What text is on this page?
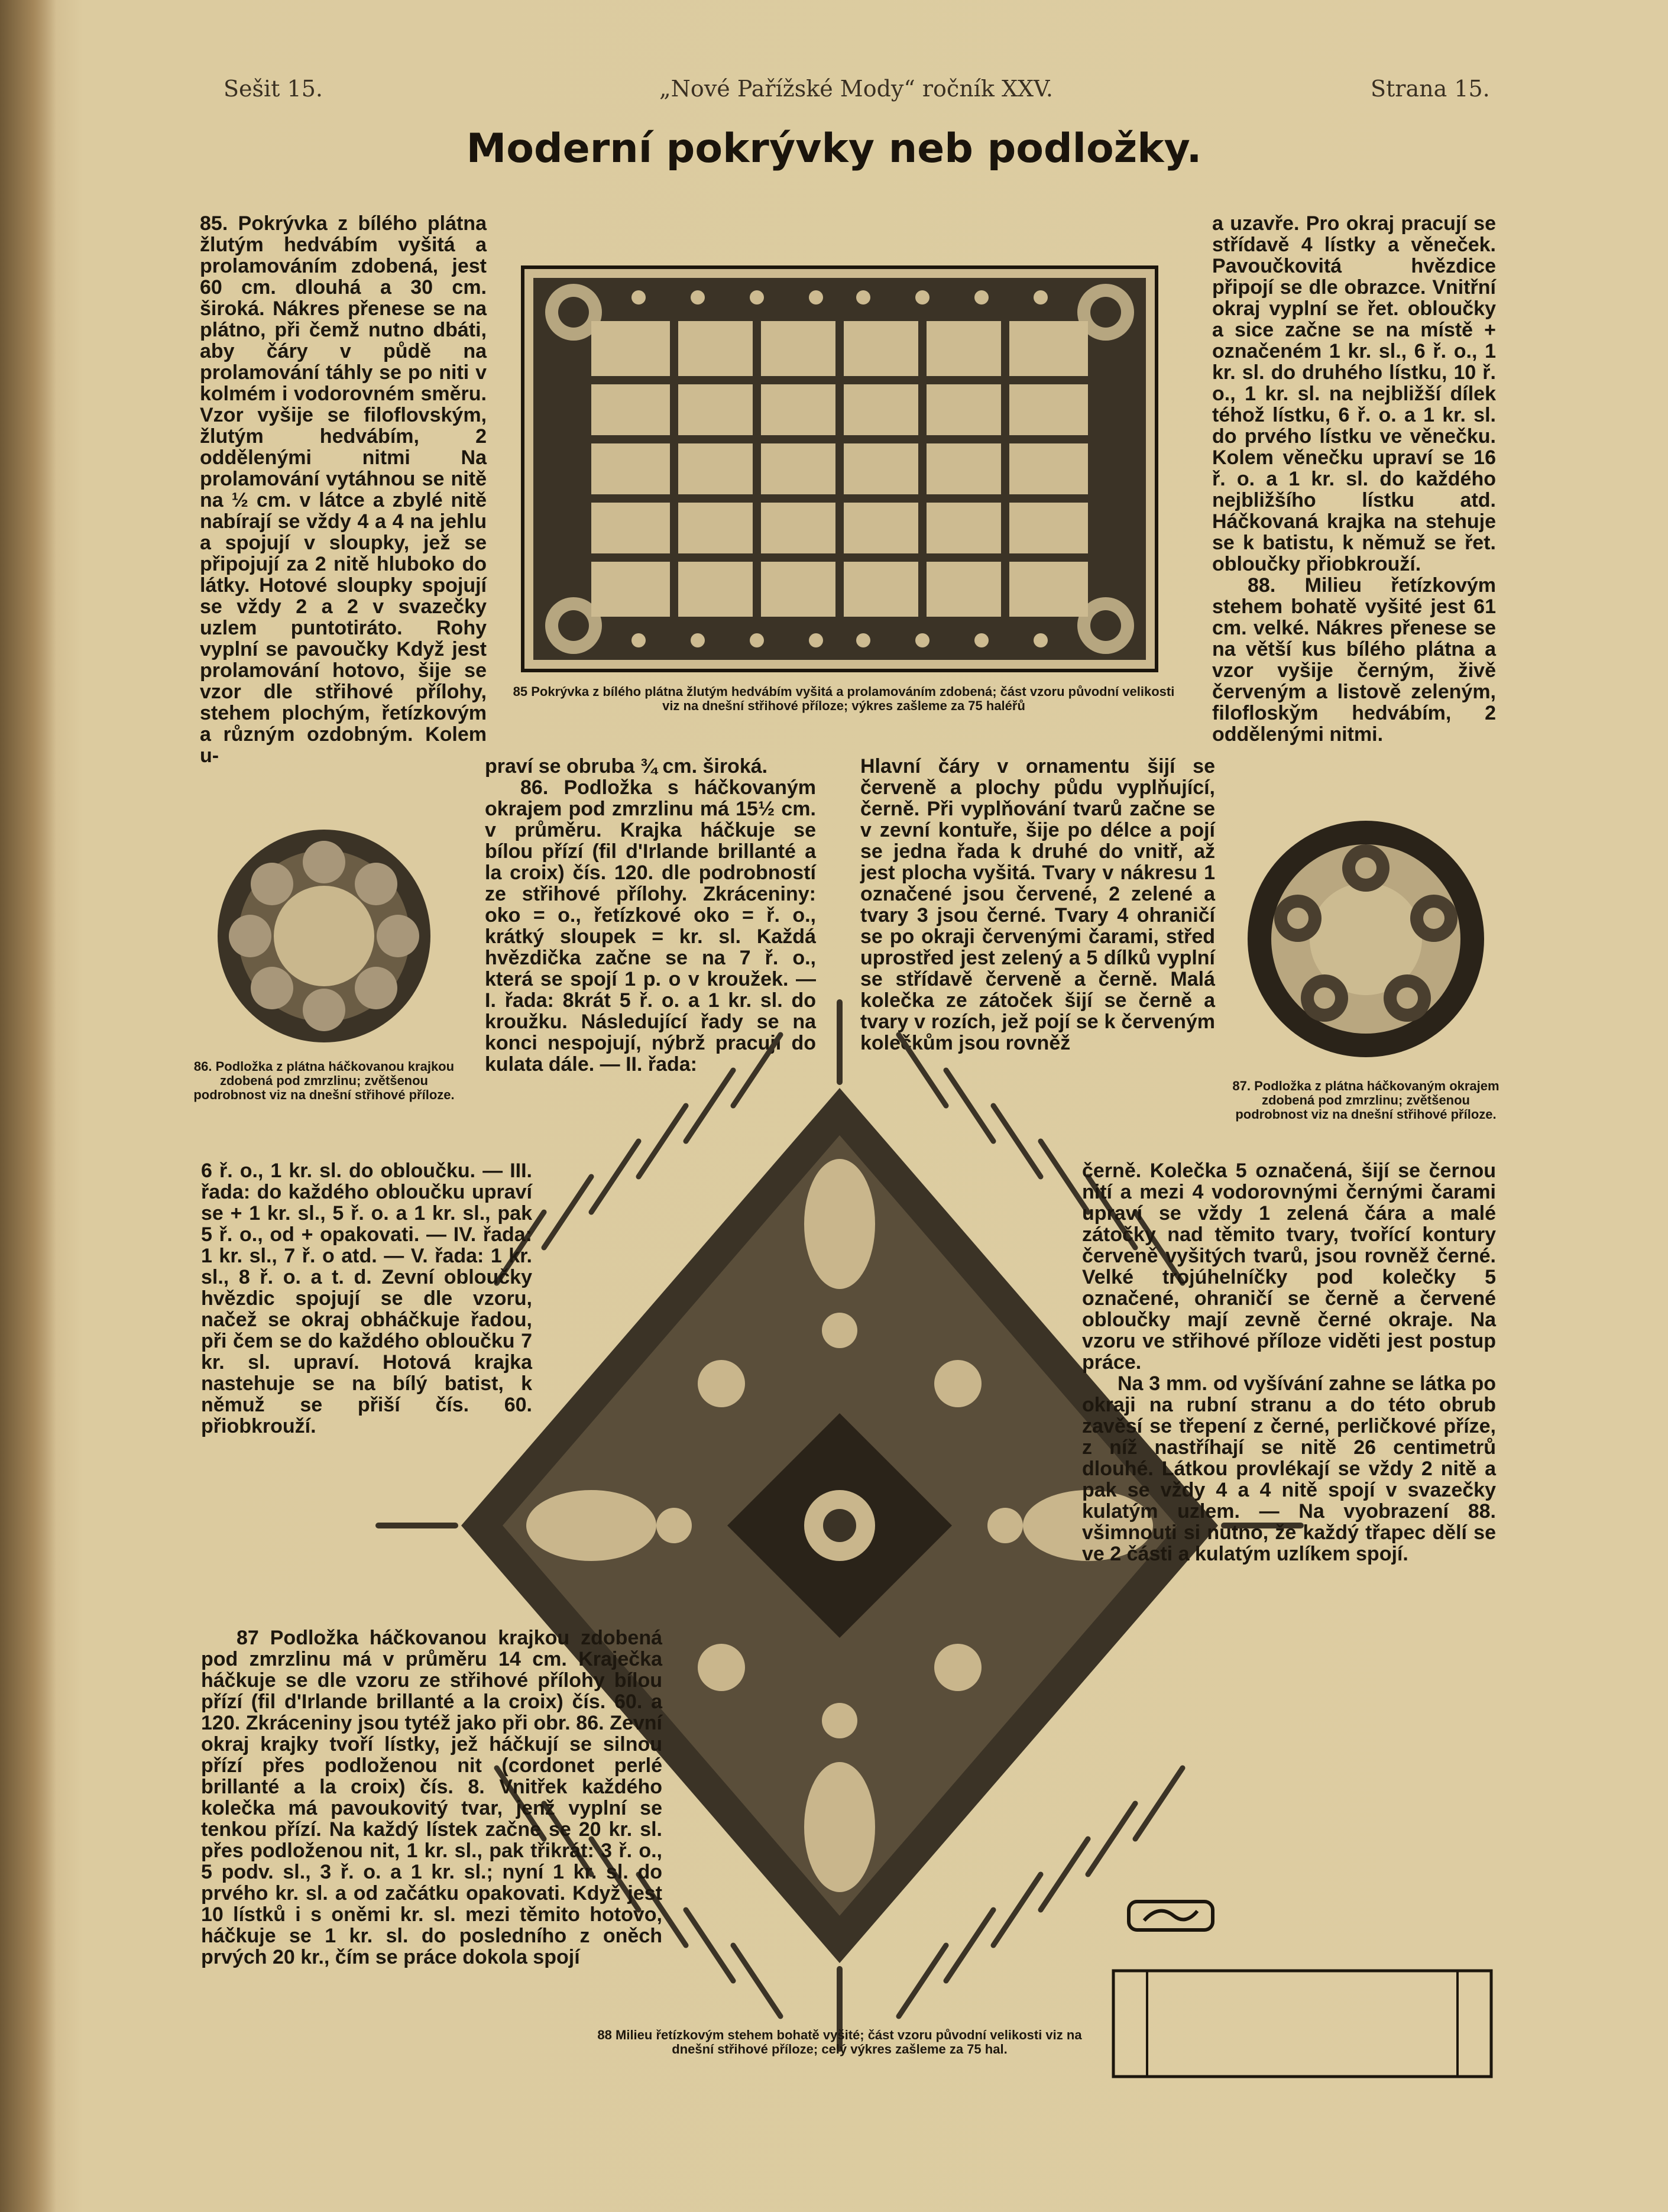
Sešit 15.	„Nové Pařížské Mody“ ročník XXV.	Strana 15.
Moderní pokrývky neb podložky.

85. Pokrývka z bílého plátna žlutým hedvábím vyšitá a prolamováním zdobená, jest 60 cm. dlouhá a 30 cm. široká. Nákres přenese se na plátno, při čemž nutno dbáti, aby čáry v půdě na prolamování táhly se po niti v kolmém i vodorovném směru. Vzor vyšije se filoflovským, žlutým hedvábím, 2 oddělenými nitmi Na prolamování vytáhnou se nitě na ½ cm. v látce a zbylé nitě nabírají se vždy 4 a 4 na jehlu a spojují v sloupky, jež se připojují za 2 nitě hluboko do látky. Hotové sloupky spojují se vždy 2 a 2 v svazečky uzlem puntotiráto. Rohy vyplní se pavoučky Když jest prolamování hotovo, šije se vzor dle střihové přílohy, stehem plochým, řetízkovým a různým ozdobným. Kolem u-

85 Pokrývka z bílého plátna žlutým hedvábím vyšitá a prolamováním zdobená; část vzoru původní velikosti viz na dnešní střihové příloze; výkres zašleme za 75 haléřů

a uzavře. Pro okraj pracují se střídavě 4 lístky a věneček. Pavoučkovitá hvězdice připojí se dle obrazce. Vnitřní okraj vyplní se řet. obloučky a sice začne se na místě + označeném 1 kr. sl., 6 ř. o., 1 kr. sl. do druhého lístku, 10 ř. o., 1 kr. sl. na nejbližší dílek téhož lístku, 6 ř. o. a 1 kr. sl. do prvého lístku ve věnečku. Kolem věnečku upraví se 16 ř. o. a 1 kr. sl. do každého nejbližšího lístku atd. Háčkovaná krajka na stehuje se k batistu, k němuž se řet. obloučky přiobkrouží.

88. Milieu řetízkovým stehem bohatě vyšité jest 61 cm. velké. Nákres přenese se na větší kus bílého plátna a vzor vyšije černým, živě červeným a listově zeleným, filoflosky̌m hedvábím, 2 oddělenými nitmi.

86. Podložka z plátna háčkovanou krajkou zdobená pod zmrzlinu; zvětšenou podrobnost viz na dnešní střihové příloze.
87. Podložka z plátna háčkovaným okrajem zdobená pod zmrzlinu; zvětšenou podrobnost viz na dnešní střihové příloze.

praví se obruba ¾ cm. široká.

86. Podložka s háčkovaným okrajem pod zmrzlinu má 15½ cm. v průměru. Krajka háčkuje se bílou přízí (fil d'Irlande brillanté a la croix) čís. 120. dle podrobností ze střihové přílohy. Zkráceniny: oko = o., řetízkové oko = ř. o., krátký sloupek = kr. sl. Každá hvězdička začne se na 7 ř. o., která se spojí 1 p. o v kroužek. — I. řada: 8krát 5 ř. o. a 1 kr. sl. do kroužku. Následující řady se na konci nespojují, nýbrž pracují do kulata dále. — II. řada:

Hlavní čáry v ornamentu šijí se červeně a plochy půdu vyplňující, černě. Při vyplňování tvarů začne se v zevní kontuře, šije po délce a pojí se jedna řada k druhé do vnitř, až jest plocha vyšitá. Tvary v nákresu 1 označené jsou červené, 2 zelené a tvary 3 jsou černé. Tvary 4 ohraničí se po okraji červenými čarami, střed uprostřed jest zelený a 5 dílků vyplní se střídavě červeně a černě. Malá kolečka ze zátoček šijí se černě a tvary v rozích, jež pojí se k červeným kolečkům jsou rovněž

88 Milieu řetízkovým stehem bohatě vyšité; část vzoru původní velikosti viz na dnešní střihové příloze; celý výkres zašleme za 75 hal.

6 ř. o., 1 kr. sl. do obloučku. — III. řada: do každého obloučku upraví se + 1 kr. sl., 5 ř. o. a 1 kr. sl., pak 5 ř. o., od + opakovati. — IV. řada: 1 kr. sl., 7 ř. o atd. — V. řada: 1 kr. sl., 8 ř. o. a t. d. Zevní obloučky hvězdic spojují se dle vzoru, načež se okraj obháčkuje řadou, při čem se do každého obloučku 7 kr. sl. upraví. Hotová krajka nastehuje se na bílý batist, k němuž se přiší čís. 60. přiobkrouží.

87 Podložka háčkovanou krajkou zdobená pod zmrzlinu má v průměru 14 cm. Kraječka háčkuje se dle vzoru ze střihové přílohy bílou přízí (fil d'Irlande brillanté a la croix) čís. 60. a 120. Zkráceniny jsou tytéž jako při obr. 86. Zevní okraj krajky tvoří lístky, jež háčkují se silnou přízí přes podloženou nit (cordonet perlé brillanté a la croix) čís. 8. Vnitřek každého kolečka má pavoukovitý tvar, jenž vyplní se tenkou přízí. Na každý lístek začne se 20 kr. sl. přes podloženou nit, 1 kr. sl., pak třikrát: 3 ř. o., 5 podv. sl., 3 ř. o. a 1 kr. sl.; nyní 1 kr. sl. do prvého kr. sl. a od začátku opakovati. Když jest 10 lístků i s oněmi kr. sl. mezi těmito hotovo, háčkuje se 1 kr. sl. do posledního z oněch prvých 20 kr., čím se práce dokola spojí

černě. Kolečka 5 označená, šijí se černou nití a mezi 4 vodorovnými černými čarami upraví se vždy 1 zelená čára a malé zátočky nad těmito tvary, tvořící kontury červeně vyšitých tvarů, jsou rovněž černé. Velké trojúhelníčky pod kolečky 5 označené, ohraničí se černě a červené obloučky mají zevně černé okraje. Na vzoru ve střihové příloze viděti jest postup práce.

Na 3 mm. od vyšívání zahne se látka po okraji na rubní stranu a do této obrub zavěsí se třepení z černé, perličkové příze, z níž nastříhají se nitě 26 centimetrů dlouhé. Látkou provlékají se vždy 2 nitě a pak se vždy 4 a 4 nitě spojí v svazečky kulatým uzlem. — Na vyobrazení 88. všimnouti si nutno, že každý třapec dělí se ve 2 části a kulatým uzlíkem spojí.
